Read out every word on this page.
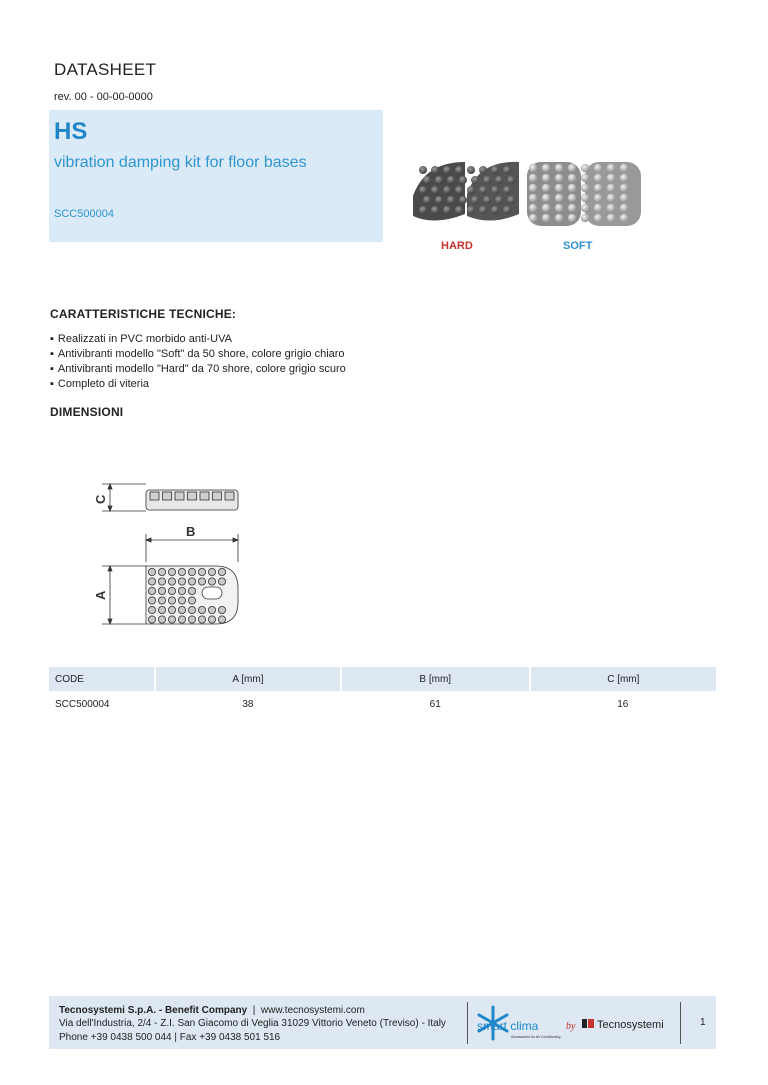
DATASHEET
rev. 00 - 00-00-0000
HS
vibration damping kit for floor bases
SCC500004
HARD	SOFT
CARATTERISTICHE TECNICHE:
▪ Realizzati in PVC morbido anti-UVA
▪ Antivibranti modello "Soft" da 50 shore, colore grigio chiaro
▪ Antivibranti modello "Hard" da 70 shore, colore grigio scuro
▪ Completo di viteria
DIMENSIONI
C
B
A
CODE	A [mm]	B [mm]	C [mm]
SCC500004	38	61	16
Tecnosystemi S.p.A. - Benefit Company  |  www.tecnosystemi.com
Via dell'Industria, 2/4 - Z.I. San Giacomo di Veglia 31029 Vittorio Veneto (Treviso) - Italy
Phone +39 0438 500 044 | Fax +39 0438 501 516
smart clima
Accessories for Air Conditioning
by Tecnosystemi	1
